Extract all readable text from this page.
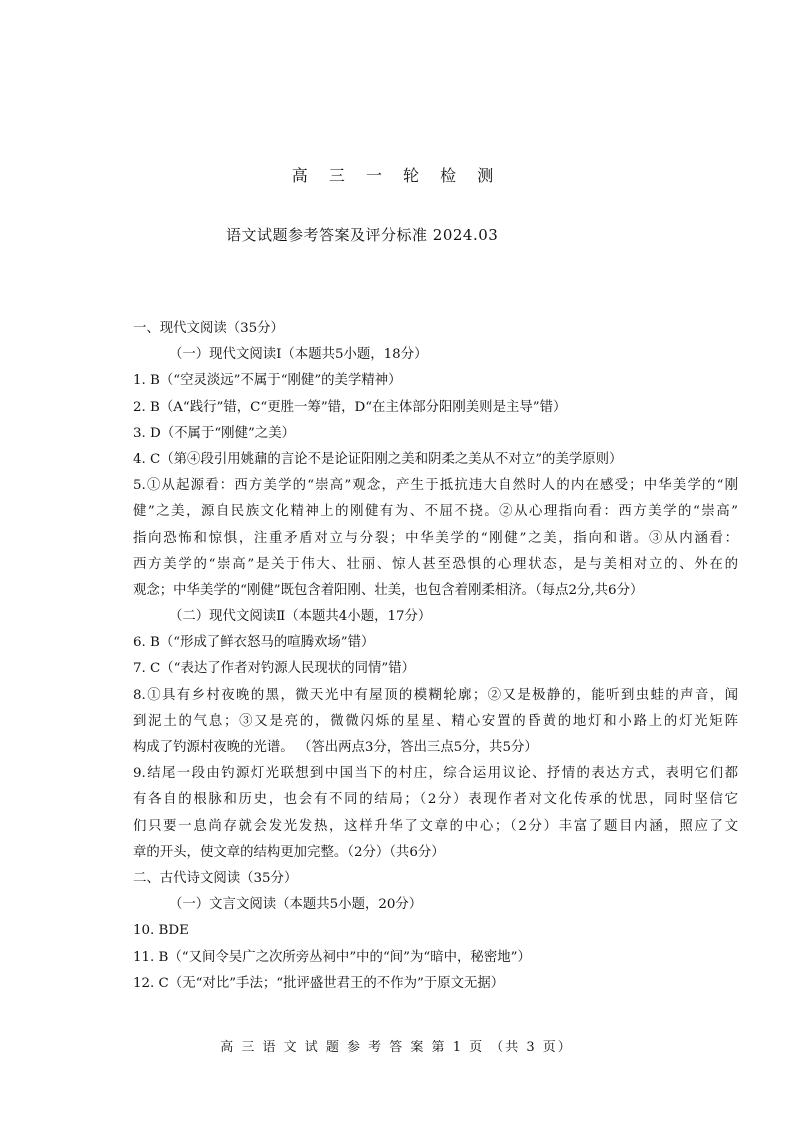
高 三 一 轮 检 测
语文试题参考答案及评分标准 2024.03
一、现代文阅读（35分）
（一）现代文阅读Ⅰ（本题共5小题，18分）
1. B（“空灵淡远”不属于“刚健”的美学精神）
2. B（A“践行”错，C“更胜一筹”错，D“在主体部分阳刚美则是主导”错）
3. D（不属于“刚健”之美）
4. C（第④段引用姚鼐的言论不是论证阳刚之美和阴柔之美从不对立”的美学原则）
5.①从起源看：西方美学的“崇高”观念，产生于抵抗违大自然时人的内在感受；中华美学的“刚
健”之美，源自民族文化精神上的刚健有为、不屈不挠。②从心理指向看：西方美学的“崇高”
指向恐怖和惊惧，注重矛盾对立与分裂；中华美学的“刚健”之美，指向和谐。③从内涵看：
西方美学的“崇高”是关于伟大、壮丽、惊人甚至恐惧的心理状态，是与美相对立的、外在的
观念；中华美学的“刚健”既包含着阳刚、壮美，也包含着刚柔相济。（每点2分,共6分）
（二）现代文阅读Ⅱ（本题共4小题，17分）
6. B（“形成了鲜衣怒马的喧腾欢场”错）
7. C（“表达了作者对钓源人民现状的同情”错）
8.①具有乡村夜晚的黑，微天光中有屋顶的模糊轮廓；②又是极静的，能听到虫蛙的声音，闻
到泥土的气息；③又是亮的，微微闪烁的星星、精心安置的昏黄的地灯和小路上的灯光矩阵
构成了钓源村夜晚的光谱。 （答出两点3分，答出三点5分，共5分）
9.结尾一段由钓源灯光联想到中国当下的村庄，综合运用议论、抒情的表达方式，表明它们都
有各自的根脉和历史，也会有不同的结局；（2分）表现作者对文化传承的忧思，同时坚信它
们只要一息尚存就会发光发热，这样升华了文章的中心；（2分）丰富了题目内涵，照应了文
章的开头，使文章的结构更加完整。（2分）（共6分）
二、古代诗文阅读（35分）
（一）文言文阅读（本题共5小题，20分）
10. BDE
11. B（“又间令吴广之次所旁丛祠中”中的“间”为“暗中，秘密地”）
12. C（无“对比”手法；“批评盛世君王的不作为”于原文无据）
高 三 语 文 试 题 参 考 答 案 第 1 页 （共 3 页）
